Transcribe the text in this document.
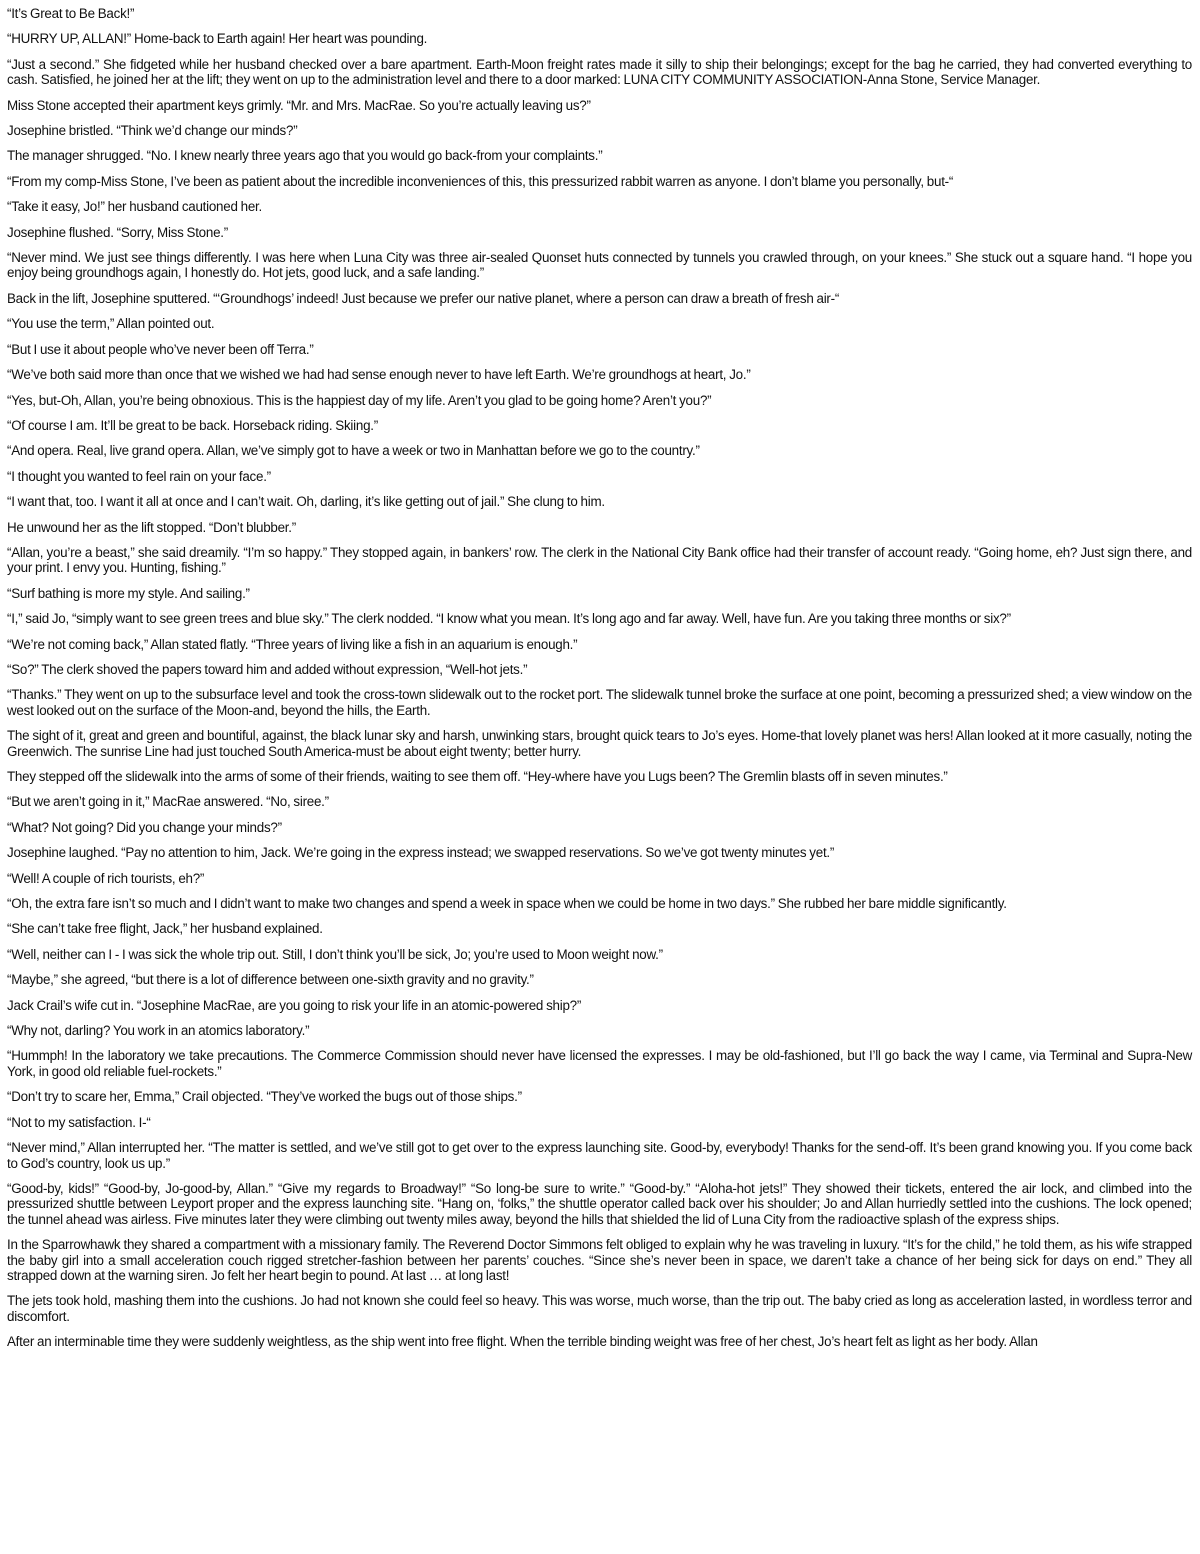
“It’s Great to Be Back!”

“HURRY UP, ALLAN!” Home-back to Earth again! Her heart was pounding.

“Just a second.” She fidgeted while her husband checked over a bare apartment. Earth-Moon freight rates made it silly to ship their belongings; except for the bag he carried, they had converted everything to cash. Satisfied, he joined her at the lift; they went on up to the administration level and there to a door marked: LUNA CITY COMMUNITY ASSOCIATION-Anna Stone, Service Manager.

Miss Stone accepted their apartment keys grimly. “Mr. and Mrs. MacRae. So you’re actually leaving us?”

Josephine bristled. “Think we’d change our minds?”

The manager shrugged. “No. I knew nearly three years ago that you would go back-from your complaints.”

“From my comp-Miss Stone, I’ve been as patient about the incredible inconveniences of this, this pressurized rabbit warren as anyone. I don’t blame you personally, but-“

“Take it easy, Jo!” her husband cautioned her.

Josephine flushed. “Sorry, Miss Stone.”

“Never mind. We just see things differently. I was here when Luna City was three air-sealed Quonset huts connected by tunnels you crawled through, on your knees.” She stuck out a square hand. “I hope you enjoy being groundhogs again, I honestly do. Hot jets, good luck, and a safe landing.”

Back in the lift, Josephine sputtered. “‘Groundhogs’ indeed! Just because we prefer our native planet, where a person can draw a breath of fresh air-“

“You use the term,” Allan pointed out.

“But I use it about people who’ve never been off Terra.”

“We’ve both said more than once that we wished we had had sense enough never to have left Earth. We’re groundhogs at heart, Jo.”

“Yes, but-Oh, Allan, you’re being obnoxious. This is the happiest day of my life. Aren’t you glad to be going home? Aren’t you?”

“Of course I am. It’ll be great to be back. Horseback riding. Skiing.”

“And opera. Real, live grand opera. Allan, we’ve simply got to have a week or two in Manhattan before we go to the country.”

“I thought you wanted to feel rain on your face.”

“I want that, too. I want it all at once and I can’t wait. Oh, darling, it’s like getting out of jail.” She clung to him.

He unwound her as the lift stopped. “Don’t blubber.”

“Allan, you’re a beast,” she said dreamily. “I’m so happy.” They stopped again, in bankers’ row. The clerk in the National City Bank office had their transfer of account ready. “Going home, eh? Just sign there, and your print. I envy you. Hunting, fishing.”

“Surf bathing is more my style. And sailing.”

“I,” said Jo, “simply want to see green trees and blue sky.” The clerk nodded. “I know what you mean. It’s long ago and far away. Well, have fun. Are you taking three months or six?”

“We’re not coming back,” Allan stated flatly. “Three years of living like a fish in an aquarium is enough.”

“So?” The clerk shoved the papers toward him and added without expression, “Well-hot jets.”

“Thanks.” They went on up to the subsurface level and took the cross-town slidewalk out to the rocket port. The slidewalk tunnel broke the surface at one point, becoming a pressurized shed; a view window on the west looked out on the surface of the Moon-and, beyond the hills, the Earth.

The sight of it, great and green and bountiful, against, the black lunar sky and harsh, unwinking stars, brought quick tears to Jo’s eyes. Home-that lovely planet was hers! Allan looked at it more casually, noting the Greenwich. The sunrise Line had just touched South America-must be about eight twenty; better hurry.

They stepped off the slidewalk into the arms of some of their friends, waiting to see them off. “Hey-where have you Lugs been? The Gremlin blasts off in seven minutes.”

“But we aren’t going in it,” MacRae answered. “No, siree.”

“What? Not going? Did you change your minds?”

Josephine laughed. “Pay no attention to him, Jack. We’re going in the express instead; we swapped reservations. So we’ve got twenty minutes yet.”

“Well! A couple of rich tourists, eh?”

“Oh, the extra fare isn’t so much and I didn’t want to make two changes and spend a week in space when we could be home in two days.” She rubbed her bare middle significantly.

“She can’t take free flight, Jack,” her husband explained.

“Well, neither can I - I was sick the whole trip out. Still, I don’t think you’ll be sick, Jo; you’re used to Moon weight now.”

“Maybe,” she agreed, “but there is a lot of difference between one-sixth gravity and no gravity.”

Jack Crail’s wife cut in. “Josephine MacRae, are you going to risk your life in an atomic-powered ship?”

“Why not, darling? You work in an atomics laboratory.”

“Hummph! In the laboratory we take precautions. The Commerce Commission should never have licensed the expresses. I may be old-fashioned, but I’ll go back the way I came, via Terminal and Supra-New York, in good old reliable fuel-rockets.”

“Don’t try to scare her, Emma,” Crail objected. “They’ve worked the bugs out of those ships.”

“Not to my satisfaction. I-“

“Never mind,” Allan interrupted her. “The matter is settled, and we’ve still got to get over to the express launching site. Good-by, everybody! Thanks for the send-off. It’s been grand knowing you. If you come back to God’s country, look us up.”

“Good-by, kids!” “Good-by, Jo-good-by, Allan.” “Give my regards to Broadway!” “So long-be sure to write.” “Good-by.” “Aloha-hot jets!” They showed their tickets, entered the air lock, and climbed into the pressurized shuttle between Leyport proper and the express launching site. “Hang on, ‘folks,” the shuttle operator called back over his shoulder; Jo and Allan hurriedly settled into the cushions. The lock opened; the tunnel ahead was airless. Five minutes later they were climbing out twenty miles away, beyond the hills that shielded the lid of Luna City from the radioactive splash of the express ships.

In the Sparrowhawk they shared a compartment with a missionary family. The Reverend Doctor Simmons felt obliged to explain why he was traveling in luxury. “It’s for the child,” he told them, as his wife strapped the baby girl into a small acceleration couch rigged stretcher-fashion between her parents’ couches. “Since she’s never been in space, we daren’t take a chance of her being sick for days on end.” They all strapped down at the warning siren. Jo felt her heart begin to pound. At last … at long last!

The jets took hold, mashing them into the cushions. Jo had not known she could feel so heavy. This was worse, much worse, than the trip out. The baby cried as long as acceleration lasted, in wordless terror and discomfort.

After an interminable time they were suddenly weightless, as the ship went into free flight. When the terrible binding weight was free of her chest, Jo’s heart felt as light as her body. Allan
